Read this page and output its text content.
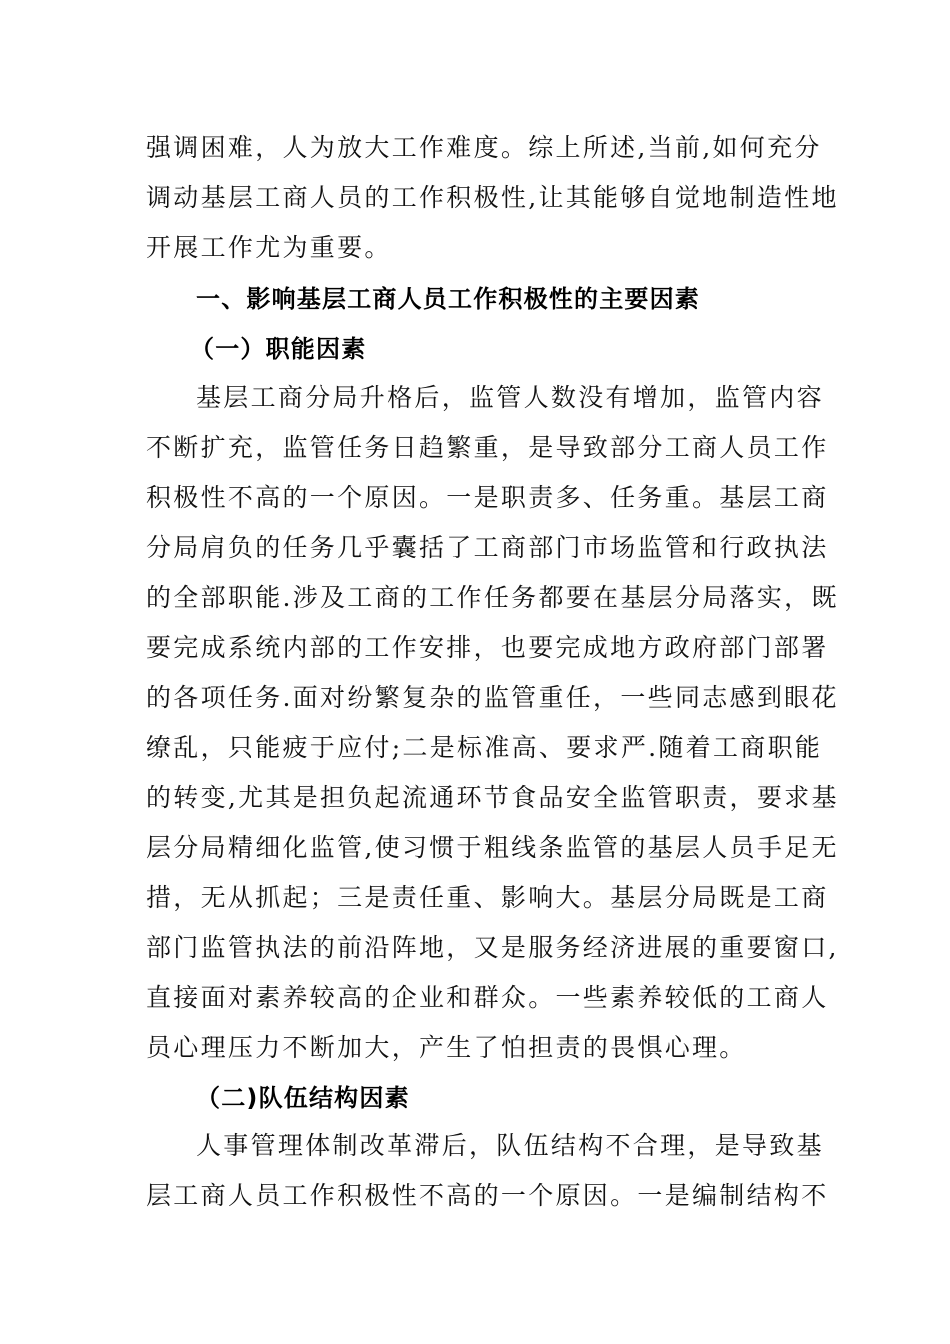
强调困难，人为放大工作难度。综上所述,当前,如何充分
调动基层工商人员的工作积极性,让其能够自觉地制造性地
开展工作尤为重要。
一、影响基层工商人员工作积极性的主要因素
（一）职能因素
基层工商分局升格后，监管人数没有增加，监管内容
不断扩充，监管任务日趋繁重，是导致部分工商人员工作
积极性不高的一个原因。一是职责多、任务重。基层工商
分局肩负的任务几乎囊括了工商部门市场监管和行政执法
的全部职能.涉及工商的工作任务都要在基层分局落实，既
要完成系统内部的工作安排，也要完成地方政府部门部署
的各项任务.面对纷繁复杂的监管重任，一些同志感到眼花
缭乱，只能疲于应付;二是标准高、要求严.随着工商职能
的转变,尤其是担负起流通环节食品安全监管职责，要求基
层分局精细化监管,使习惯于粗线条监管的基层人员手足无
措，无从抓起；三是责任重、影响大。基层分局既是工商
部门监管执法的前沿阵地，又是服务经济进展的重要窗口,
直接面对素养较高的企业和群众。一些素养较低的工商人
员心理压力不断加大，产生了怕担责的畏惧心理。
（二)队伍结构因素
人事管理体制改革滞后，队伍结构不合理，是导致基
层工商人员工作积极性不高的一个原因。一是编制结构不
